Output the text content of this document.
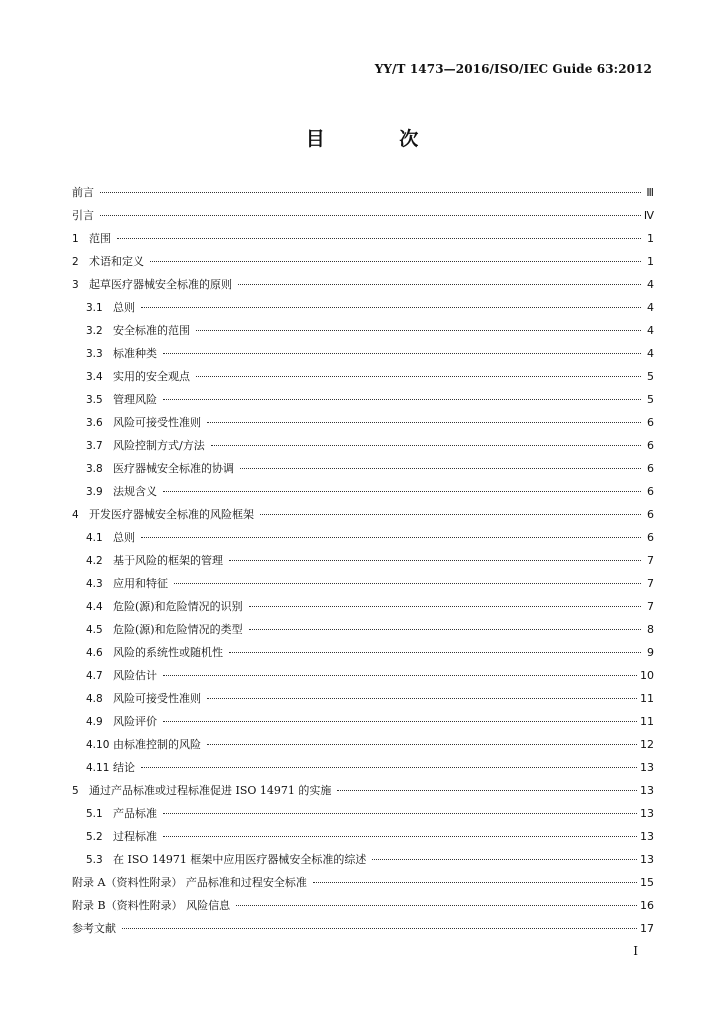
YY/T 1473—2016/ISO/IEC Guide 63:2012
目 次
前言	Ⅲ
引言	Ⅳ
1 范围	1
2 术语和定义	1
3 起草医疗器械安全标准的原则	4
3.1 总则	4
3.2 安全标准的范围	4
3.3 标准种类	4
3.4 实用的安全观点	5
3.5 管理风险	5
3.6 风险可接受性准则	6
3.7 风险控制方式/方法	6
3.8 医疗器械安全标准的协调	6
3.9 法规含义	6
4 开发医疗器械安全标准的风险框架	6
4.1 总则	6
4.2 基于风险的框架的管理	7
4.3 应用和特征	7
4.4 危险(源)和危险情况的识别	7
4.5 危险(源)和危险情况的类型	8
4.6 风险的系统性或随机性	9
4.7 风险估计	10
4.8 风险可接受性准则	11
4.9 风险评价	11
4.10 由标准控制的风险	12
4.11 结论	13
5 通过产品标准或过程标准促进 ISO 14971 的实施	13
5.1 产品标准	13
5.2 过程标准	13
5.3 在 ISO 14971 框架中应用医疗器械安全标准的综述	13
附录 A（资料性附录） 产品标准和过程安全标准	15
附录 B（资料性附录） 风险信息	16
参考文献	17
I
